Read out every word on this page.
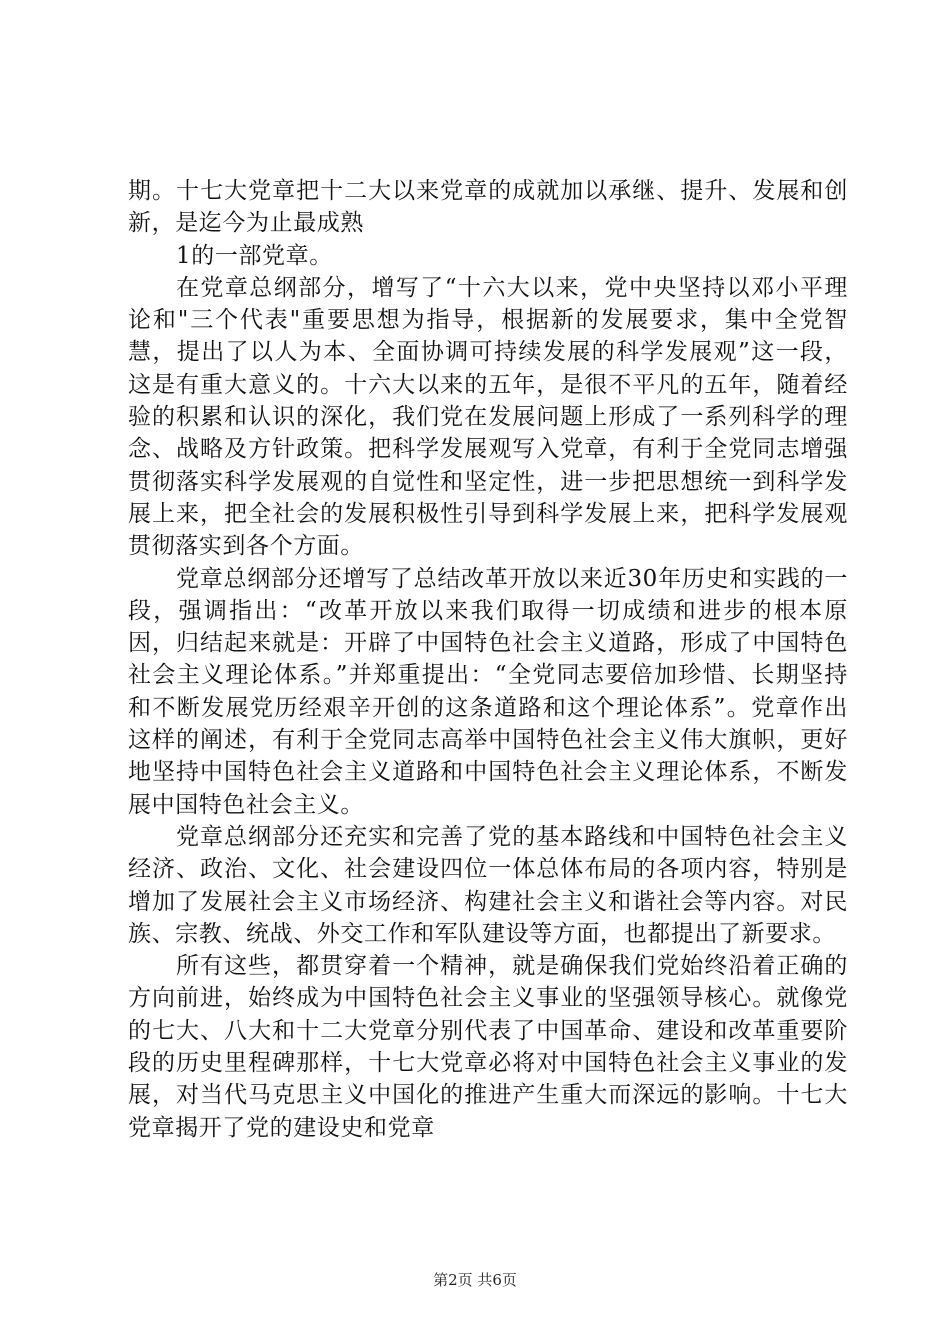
期。十七大党章把十二大以来党章的成就加以承继、提升、发展和创新，是迄今为止最成熟

1的一部党章。

在党章总纲部分，增写了“十六大以来，党中央坚持以邓小平理论和"三个代表"重要思想为指导，根据新的发展要求，集中全党智慧，提出了以人为本、全面协调可持续发展的科学发展观”这一段，这是有重大意义的。十六大以来的五年，是很不平凡的五年，随着经验的积累和认识的深化，我们党在发展问题上形成了一系列科学的理念、战略及方针政策。把科学发展观写入党章，有利于全党同志增强贯彻落实科学发展观的自觉性和坚定性，进一步把思想统一到科学发展上来，把全社会的发展积极性引导到科学发展上来，把科学发展观贯彻落实到各个方面。

党章总纲部分还增写了总结改革开放以来近30年历史和实践的一段，强调指出：“改革开放以来我们取得一切成绩和进步的根本原因，归结起来就是：开辟了中国特色社会主义道路，形成了中国特色社会主义理论体系。”并郑重提出：“全党同志要倍加珍惜、长期坚持和不断发展党历经艰辛开创的这条道路和这个理论体系”。党章作出这样的阐述，有利于全党同志高举中国特色社会主义伟大旗帜，更好地坚持中国特色社会主义道路和中国特色社会主义理论体系，不断发展中国特色社会主义。

党章总纲部分还充实和完善了党的基本路线和中国特色社会主义经济、政治、文化、社会建设四位一体总体布局的各项内容，特别是增加了发展社会主义市场经济、构建社会主义和谐社会等内容。对民族、宗教、统战、外交工作和军队建设等方面，也都提出了新要求。

所有这些，都贯穿着一个精神，就是确保我们党始终沿着正确的方向前进，始终成为中国特色社会主义事业的坚强领导核心。就像党的七大、八大和十二大党章分别代表了中国革命、建设和改革重要阶段的历史里程碑那样，十七大党章必将对中国特色社会主义事业的发展，对当代马克思主义中国化的推进产生重大而深远的影响。十七大党章揭开了党的建设史和党章

第2页 共6页
